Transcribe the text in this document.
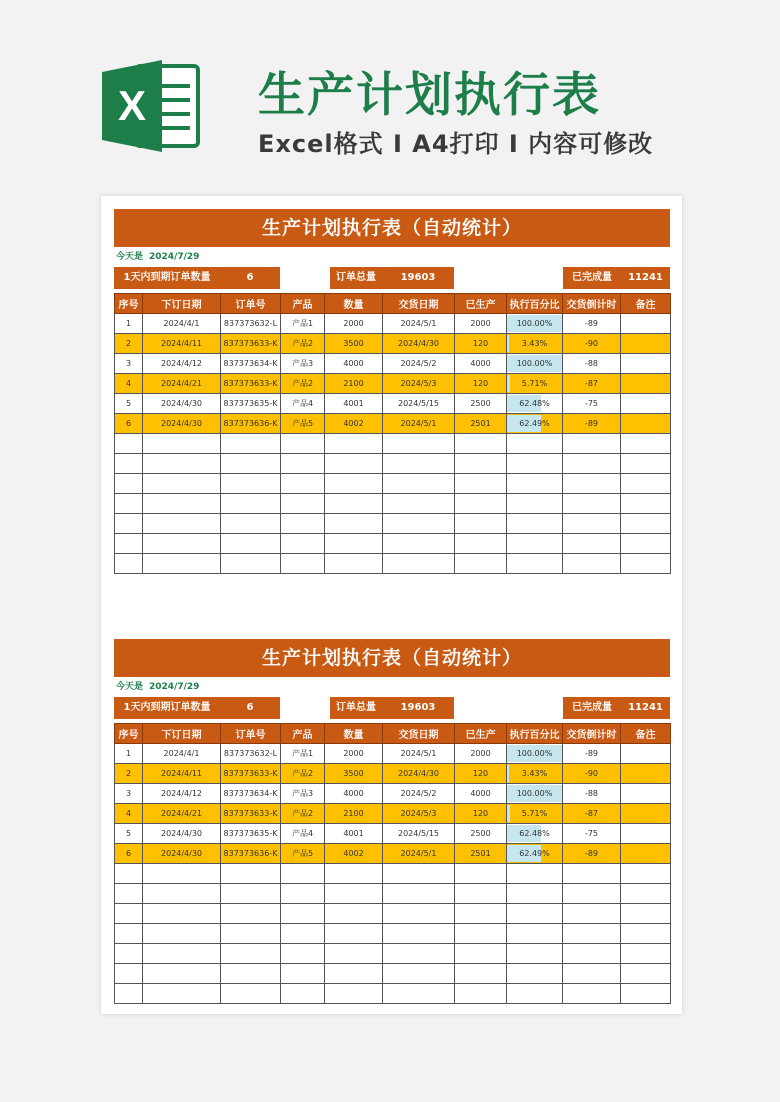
X 生产计划执行表
Excel格式 I A4打印 I 内容可修改
生产计划执行表（自动统计）
今天是 2024/7/29
1天内到期订单数量	6	订单总量	19603	已完成量	11241
序号	下订日期	订单号	产品	数量	交货日期	已生产	执行百分比	交货倒计时	备注
1	2024/4/1	837373632-L	产品1	2000	2024/5/1	2000	100.00%	-89	
2	2024/4/11	837373633-K	产品2	3500	2024/4/30	120	3.43%	-90	
3	2024/4/12	837373634-K	产品3	4000	2024/5/2	4000	100.00%	-88	
4	2024/4/21	837373633-K	产品2	2100	2024/5/3	120	5.71%	-87	
5	2024/4/30	837373635-K	产品4	4001	2024/5/15	2500	62.48%	-75	
6	2024/4/30	837373636-K	产品5	4002	2024/5/1	2501	62.49%	-89	

生产计划执行表（自动统计）
今天是 2024/7/29
1天内到期订单数量	6	订单总量	19603	已完成量	11241
序号	下订日期	订单号	产品	数量	交货日期	已生产	执行百分比	交货倒计时	备注
1	2024/4/1	837373632-L	产品1	2000	2024/5/1	2000	100.00%	-89	
2	2024/4/11	837373633-K	产品2	3500	2024/4/30	120	3.43%	-90	
3	2024/4/12	837373634-K	产品3	4000	2024/5/2	4000	100.00%	-88	
4	2024/4/21	837373633-K	产品2	2100	2024/5/3	120	5.71%	-87	
5	2024/4/30	837373635-K	产品4	4001	2024/5/15	2500	62.48%	-75	
6	2024/4/30	837373636-K	产品5	4002	2024/5/1	2501	62.49%	-89	
